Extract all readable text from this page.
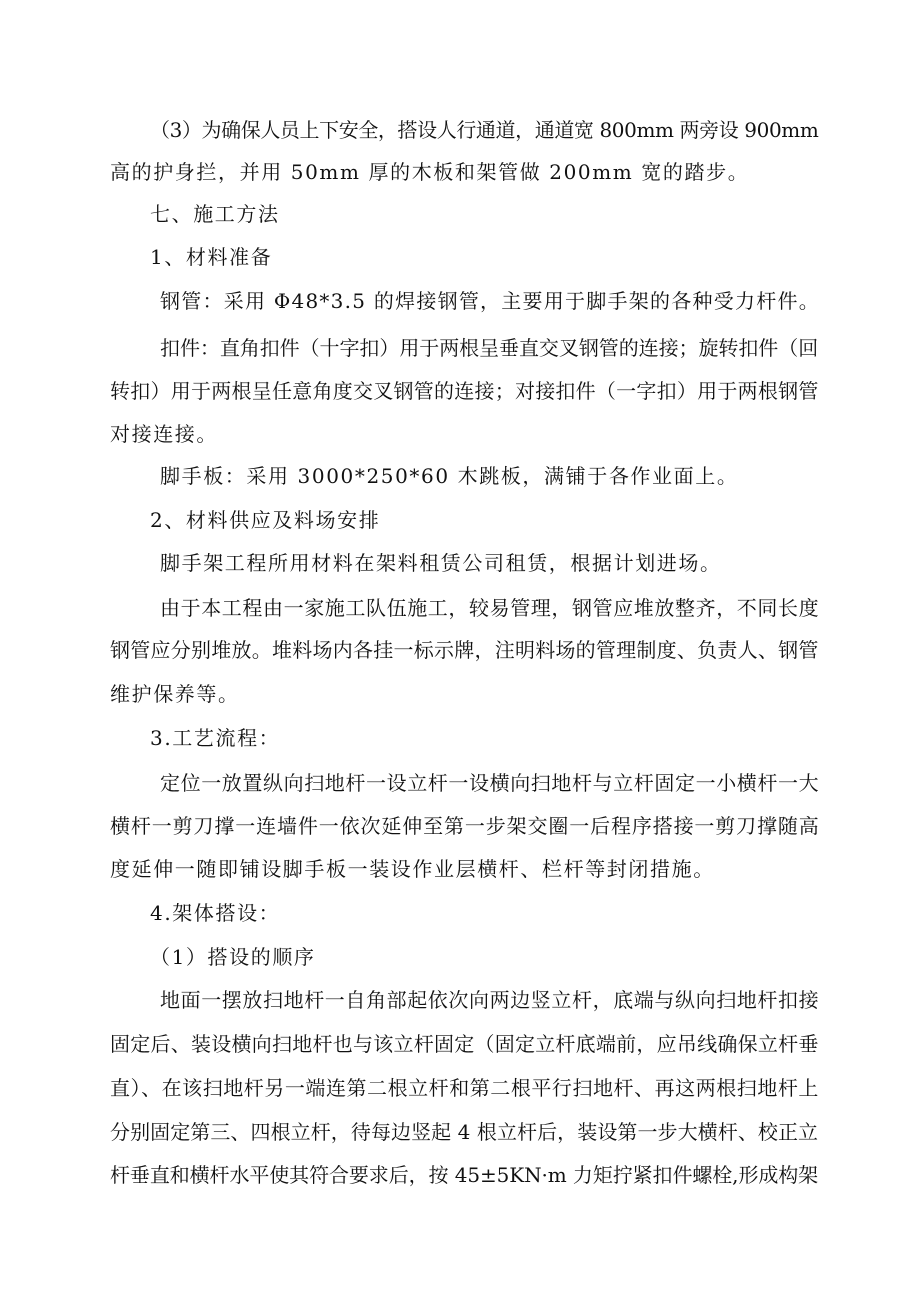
（3）为确保人员上下安全，搭设人行通道，通道宽 800mm 两旁设 900mm
高的护身拦，并用 50mm 厚的木板和架管做 200mm 宽的踏步。
七、施工方法
1、材料准备
钢管：采用 Φ48*3.5 的焊接钢管，主要用于脚手架的各种受力杆件。
扣件：直角扣件（十字扣）用于两根呈垂直交叉钢管的连接；旋转扣件（回
转扣）用于两根呈任意角度交叉钢管的连接；对接扣件（一字扣）用于两根钢管
对接连接。
脚手板：采用 3000*250*60 木跳板，满铺于各作业面上。
2、材料供应及料场安排
脚手架工程所用材料在架料租赁公司租赁，根据计划进场。
由于本工程由一家施工队伍施工，较易管理，钢管应堆放整齐，不同长度
钢管应分别堆放。堆料场内各挂一标示牌，注明料场的管理制度、负责人、钢管
维护保养等。
3.工艺流程：
定位一放置纵向扫地杆一设立杆一设横向扫地杆与立杆固定一小横杆一大
横杆一剪刀撑一连墙件一依次延伸至第一步架交圈一后程序搭接一剪刀撑随高
度延伸一随即铺设脚手板一装设作业层横杆、栏杆等封闭措施。
4.架体搭设：
（1）搭设的顺序
地面一摆放扫地杆一自角部起依次向两边竖立杆，底端与纵向扫地杆扣接
固定后、装设横向扫地杆也与该立杆固定（固定立杆底端前，应吊线确保立杆垂
直）、在该扫地杆另一端连第二根立杆和第二根平行扫地杆、再这两根扫地杆上
分别固定第三、四根立杆，待每边竖起 4 根立杆后，装设第一步大横杆、校正立
杆垂直和横杆水平使其符合要求后，按 45±5KN·m 力矩拧紧扣件螺栓,形成构架
